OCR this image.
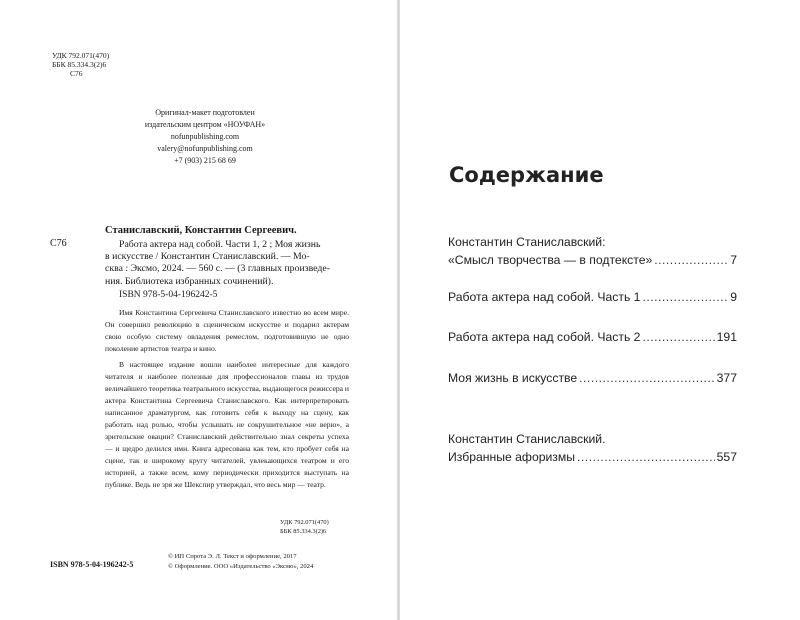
УДК 792.071(470)
ББК 85.334.3(2)6
С76
Оригинал-макет подготовлен
издательским центром «НОУФАН»
nofunpublishing.com
valery@nofunpublishing.com
+7 (903) 215 68 69
С76
Станиславский, Константин Сергеевич.
Работа актера над собой. Части 1, 2 ; Моя жизнь
в искусстве / Константин Станиславский. — Мо-
сква : Эксмо, 2024. — 560 с. — (3 главных произведе-
ния. Библиотека избранных сочинений).
ISBN 978-5-04-196242-5

Имя Константина Сергеевича Станиславского известно во всем мире. Он совершил революцию в сценическом искусстве и подарил актерам свою особую систему овладения ремеслом, подготовившую не одно поколение артистов театра и кино.

В настоящее издание вошли наиболее интересные для каждого читателя и наиболее полезные для профессионалов главы из трудов величайшего теоретика театрального искусства, выдающегося режиссера и актера Константина Сергеевича Станиславского. Как интерпретировать написанное драматургом, как готовить себя к выходу на сцену, как работать над ролью, чтобы услышать не сокрушительное «не верю», а зрительские овации? Станиславский действительно знал секреты успеха — и щедро делился ими. Книга адресована как тем, кто пробует себя на сцене, так и широкому кругу читателей, увлекающихся театром и его историей, а также всем, кому периодически приходится выступать на публике. Ведь не зря же Шекспир утверждал, что весь мир — театр.

УДК 792.071(470)
ББК 85.334.3(2)6
ISBN 978-5-04-196242-5
© ИП Спрота Э. Л. Текст и оформление, 2017
© Оформление. ООО «Издательство «Эксмо», 2024
Содержание
Константин Станиславский:
«Смысл творчества — в подтексте» .....	7
Работа актера над собой. Часть 1 .....	9
Работа актера над собой. Часть 2 .....	191
Моя жизнь в искусстве .....	377
Константин Станиславский.
Избранные афоризмы .....	557
